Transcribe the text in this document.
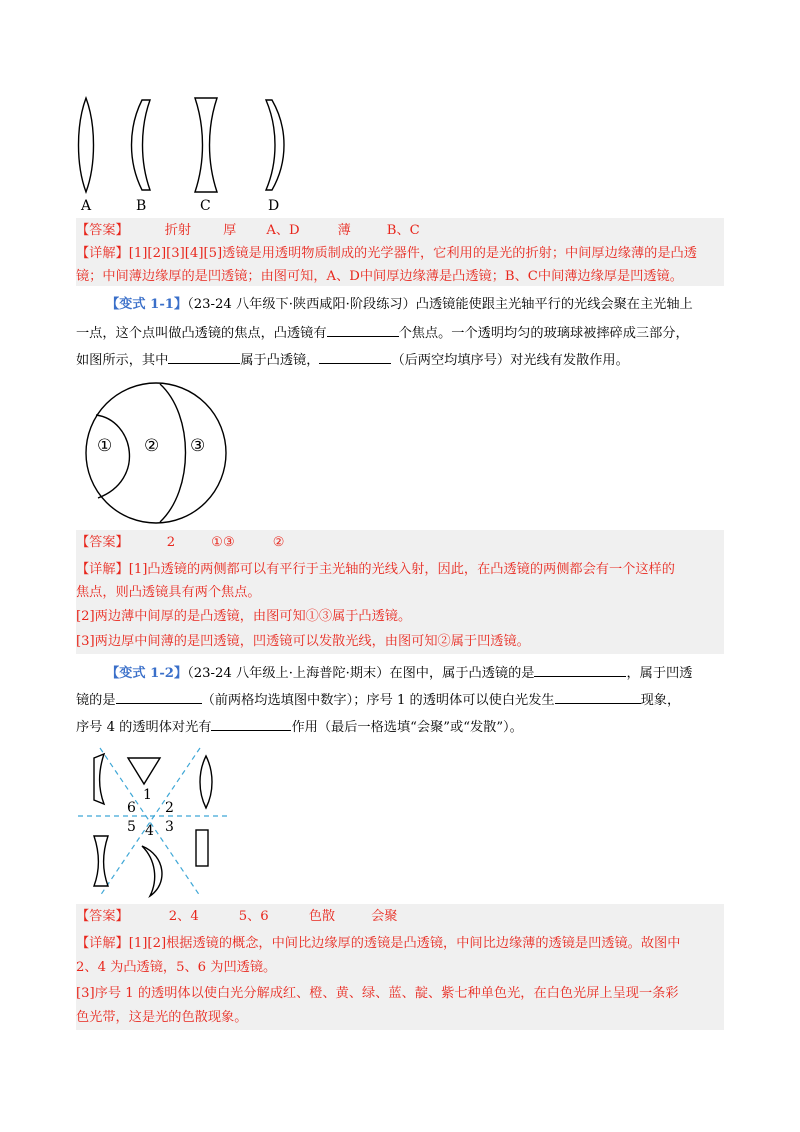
A	B	C	D
【答案】	折射 厚 A、D	薄	B、C
【详解】[1][2][3][4][5]透镜是用透明物质制成的光学器件，它利用的是光的折射；中间厚边缘薄的是凸透
镜；中间薄边缘厚的是凹透镜；由图可知，A、D中间厚边缘薄是凸透镜；B、C中间薄边缘厚是凹透镜。
【变式 1-1】（23-24 八年级下·陕西咸阳·阶段练习）凸透镜能使跟主光轴平行的光线会聚在主光轴上
一点，这个点叫做凸透镜的焦点，凸透镜有	个焦点。一个透明均匀的玻璃球被摔碎成三部分，
如图所示，其中	属于凸透镜，	（后两空均填序号）对光线有发散作用。
① ② ③
【答案】	2	①③	②
【详解】[1]凸透镜的两侧都可以有平行于主光轴的光线入射，因此，在凸透镜的两侧都会有一个这样的
焦点，则凸透镜具有两个焦点。
[2]两边薄中间厚的是凸透镜，由图可知①③属于凸透镜。
[3]两边厚中间薄的是凹透镜，凹透镜可以发散光线，由图可知②属于凹透镜。
【变式 1-2】（23-24 八年级上·上海普陀·期末）在图中，属于凸透镜的是	，属于凹透
镜的是	（前两格均选填图中数字）；序号 1 的透明体可以使白光发生	现象，
序号 4 的透明体对光有	作用（最后一格选填“会聚”或“发散”）。
1
2
3
4
5
6
【答案】	2、4	5、6	色散	会聚
【详解】[1][2]根据透镜的概念，中间比边缘厚的透镜是凸透镜，中间比边缘薄的透镜是凹透镜。故图中
2、4 为凸透镜，5、6 为凹透镜。
[3]序号 1 的透明体以使白光分解成红、橙、黄、绿、蓝、靛、紫七种单色光，在白色光屏上呈现一条彩
色光带，这是光的色散现象。
